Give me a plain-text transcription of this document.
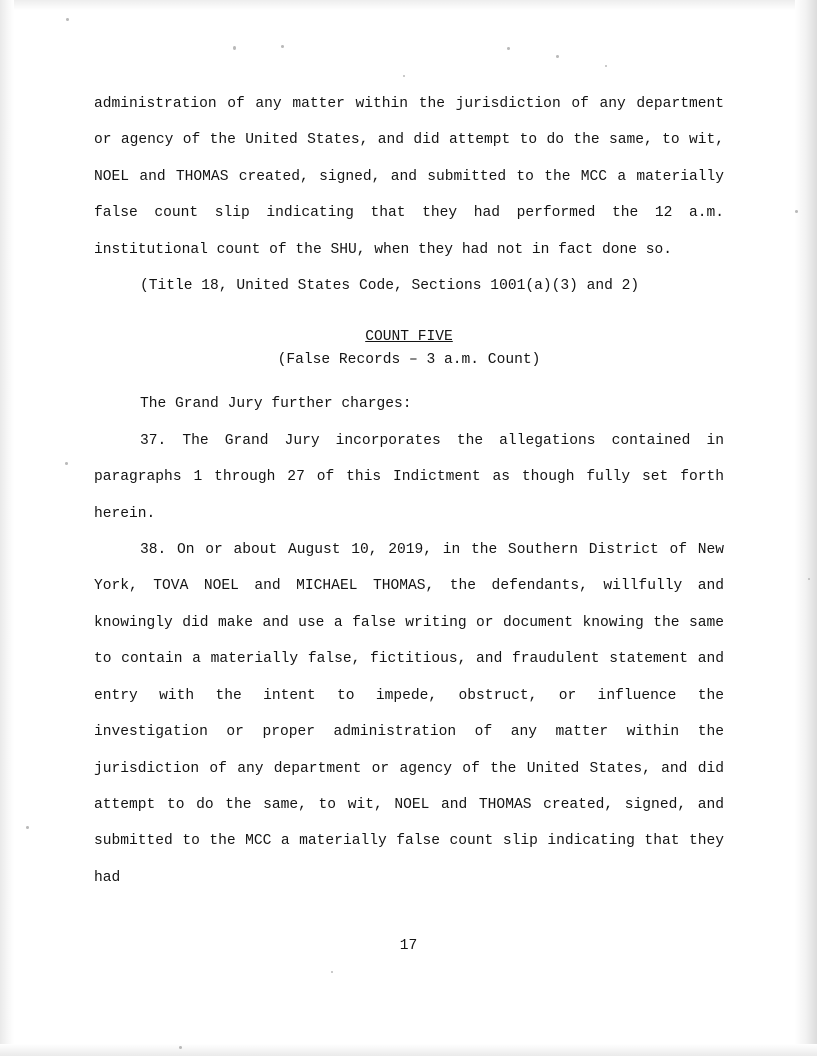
administration of any matter within the jurisdiction of any department or agency of the United States, and did attempt to do the same, to wit, NOEL and THOMAS created, signed, and submitted to the MCC a materially false count slip indicating that they had performed the 12 a.m. institutional count of the SHU, when they had not in fact done so.

(Title 18, United States Code, Sections 1001(a)(3) and 2)

COUNT FIVE
(False Records – 3 a.m. Count)

The Grand Jury further charges:

37. The Grand Jury incorporates the allegations contained in paragraphs 1 through 27 of this Indictment as though fully set forth herein.

38. On or about August 10, 2019, in the Southern District of New York, TOVA NOEL and MICHAEL THOMAS, the defendants, willfully and knowingly did make and use a false writing or document knowing the same to contain a materially false, fictitious, and fraudulent statement and entry with the intent to impede, obstruct, or influence the investigation or proper administration of any matter within the jurisdiction of any department or agency of the United States, and did attempt to do the same, to wit, NOEL and THOMAS created, signed, and submitted to the MCC a materially false count slip indicating that they had

17
